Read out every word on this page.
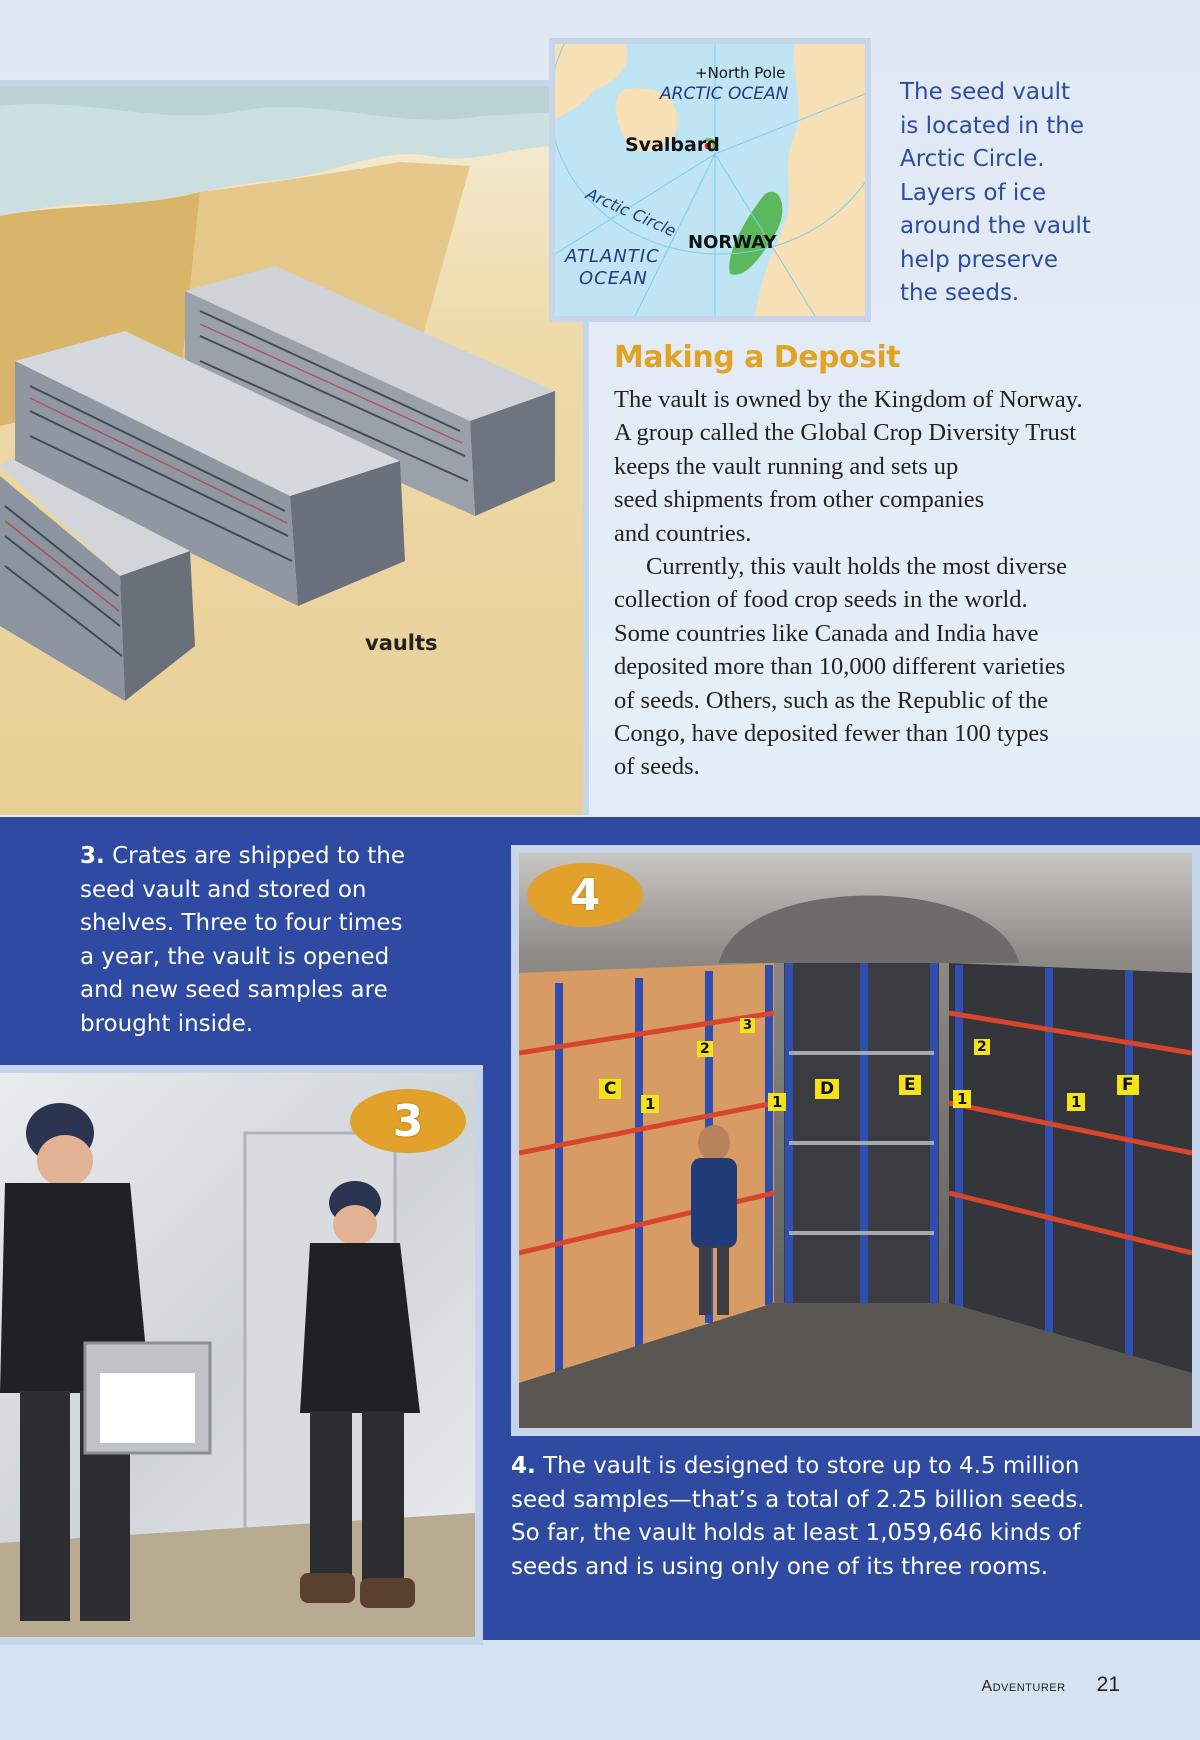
vaults
+North Pole
ARCTIC OCEAN
Svalbard
Arctic Circle
NORWAY
ATLANTIC
OCEAN
The seed vault
is located in the
Arctic Circle.
Layers of ice
around the vault
help preserve
the seeds.
Making a Deposit
The vault is owned by the Kingdom of Norway.
A group called the Global Crop Diversity Trust
keeps the vault running and sets up
seed shipments from other companies
and countries.
Currently, this vault holds the most diverse
collection of food crop seeds in the world.
Some countries like Canada and India have
deposited more than 10,000 different varieties
of seeds. Others, such as the Republic of the
Congo, have deposited fewer than 100 types
of seeds.
3. Crates are shipped to the
seed vault and stored on
shelves. Three to four times
a year, the vault is opened
and new seed samples are
brought inside.
C
1
D
1
E
1
F
1
2	2
3
4
3
4. The vault is designed to store up to 4.5 million
seed samples—that’s a total of 2.25 billion seeds.
So far, the vault holds at least 1,059,646 kinds of
seeds and is using only one of its three rooms.
Adventurer 21
